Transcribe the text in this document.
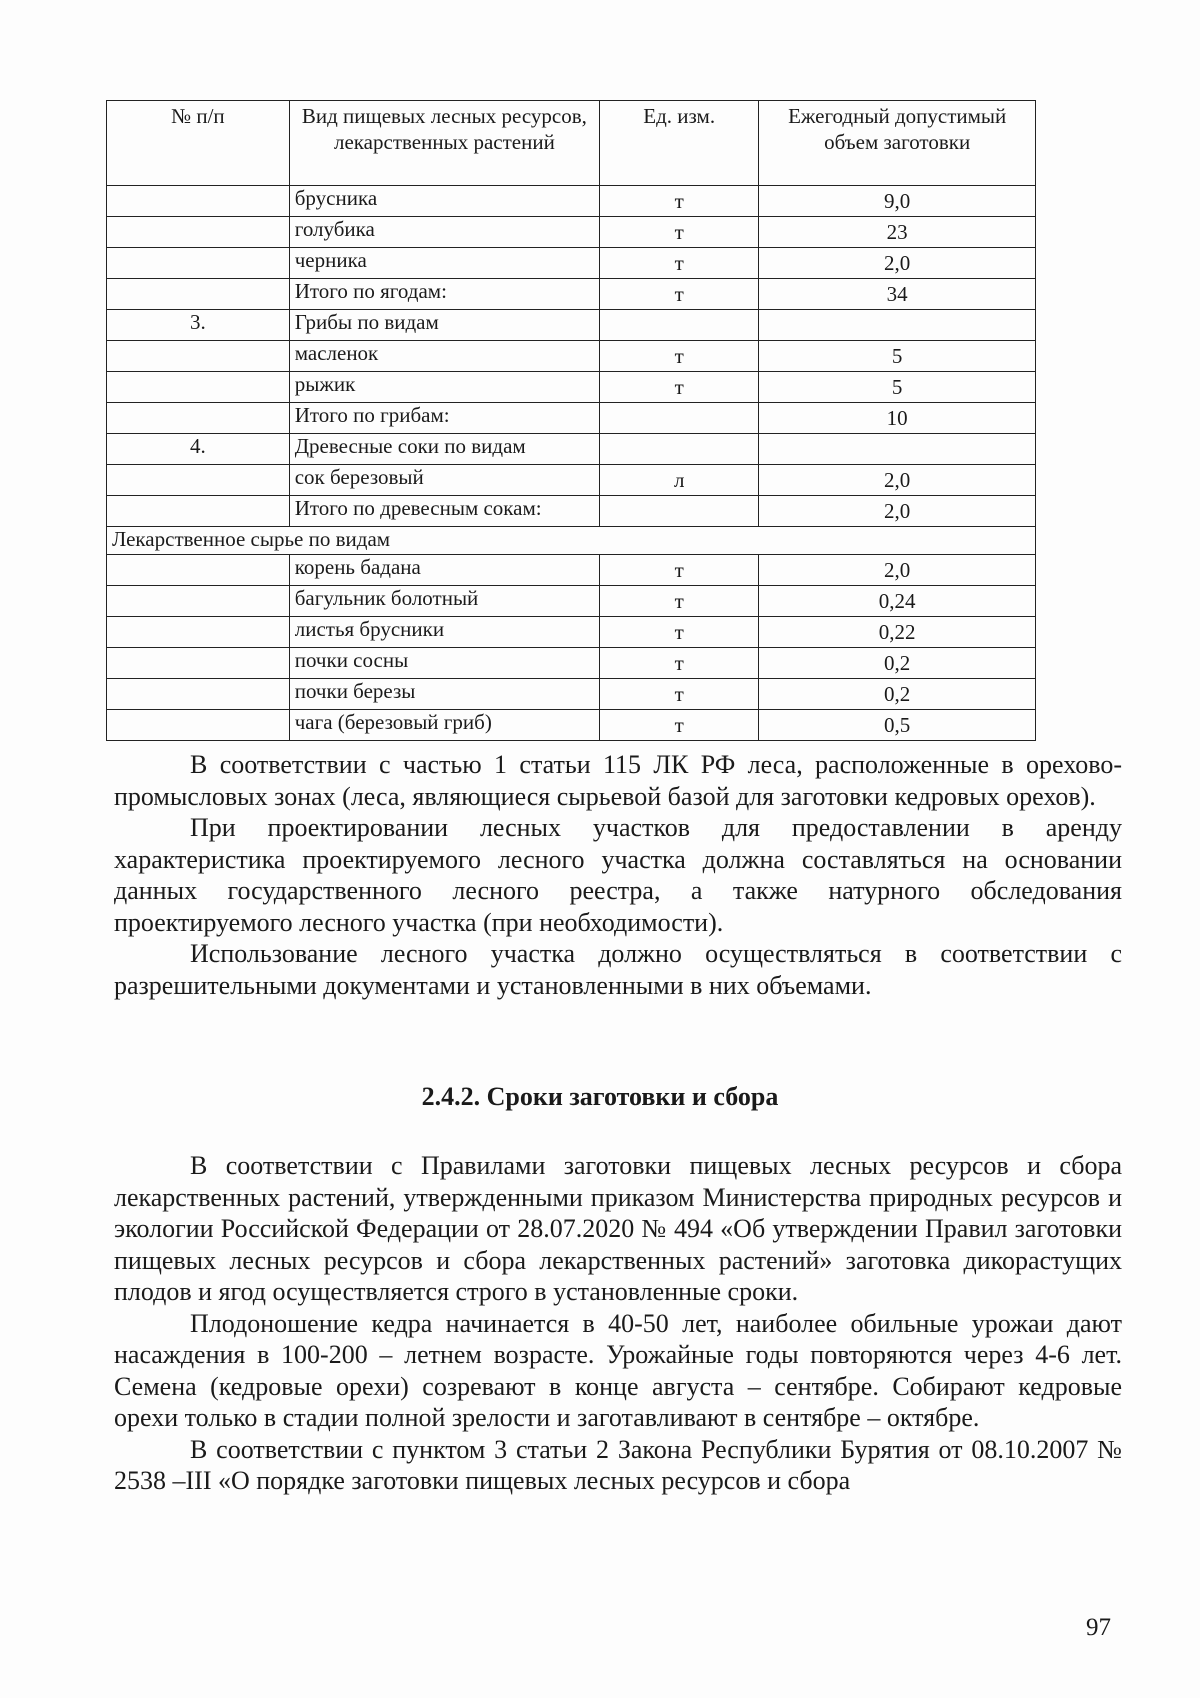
№ п/п	Вид пищевых лесных ресурсов, лекарственных растений	Ед. изм.	Ежегодный допустимый объем заготовки
	брусника	т	9,0
	голубика	т	23
	черника	т	2,0
	Итого по ягодам:	т	34
3.	Грибы по видам		
	масленок	т	5
	рыжик	т	5
	Итого по грибам:		10
4.	Древесные соки по видам		
	сок березовый	л	2,0
	Итого по древесным сокам:		2,0
Лекарственное сырье по видам			
	корень бадана	т	2,0
	багульник болотный	т	0,24
	листья брусники	т	0,22
	почки сосны	т	0,2
	почки березы	т	0,2
	чага (березовый гриб)	т	0,5

В соответствии с частью 1 статьи 115 ЛК РФ леса, расположенные в орехово-промысловых зонах (леса, являющиеся сырьевой базой для заготовки кедровых орехов).

При проектировании лесных участков для предоставлении в аренду характеристика проектируемого лесного участка должна составляться на основании данных государственного лесного реестра, а также натурного обследования проектируемого лесного участка (при необходимости).

Использование лесного участка должно осуществляться в соответствии с разрешительными документами и установленными в них объемами.

2.4.2. Сроки заготовки и сбора

В соответствии с Правилами заготовки пищевых лесных ресурсов и сбора лекарственных растений, утвержденными приказом Министерства природных ресурсов и экологии Российской Федерации от 28.07.2020 № 494 «Об утверждении Правил заготовки пищевых лесных ресурсов и сбора лекарственных растений» заготовка дикорастущих плодов и ягод осуществляется строго в установленные сроки.

Плодоношение кедра начинается в 40-50 лет, наиболее обильные урожаи дают насаждения в 100-200 – летнем возрасте. Урожайные годы повторяются через 4-6 лет. Семена (кедровые орехи) созревают в конце августа – сентябре. Собирают кедровые орехи только в стадии полной зрелости и заготавливают в сентябре – октябре.

В соответствии с пунктом 3 статьи 2 Закона Республики Бурятия от 08.10.2007 № 2538 –III «О порядке заготовки пищевых лесных ресурсов и сбора

97
